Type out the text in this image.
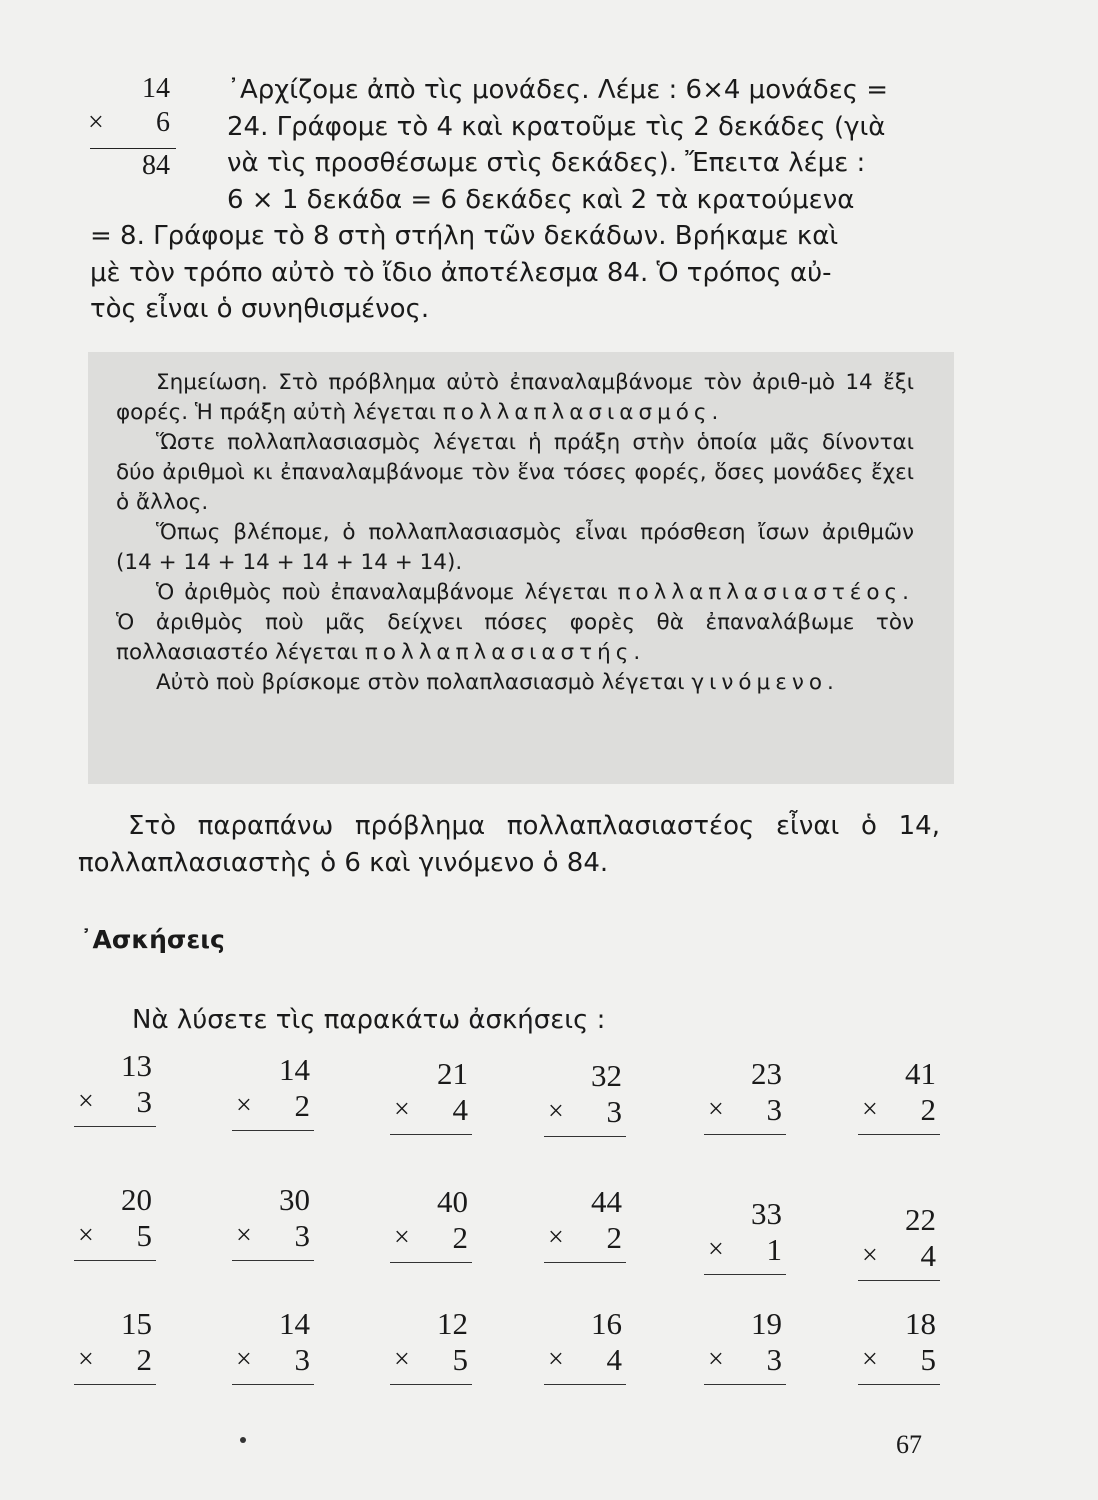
14
× 6
84

᾿Αρχίζομε ἀπὸ τὶς μονάδες. Λέμε : 6×4 μονάδες =

24. Γράφομε τὸ 4 καὶ κρατοῦμε τὶς 2 δεκάδες (γιὰ

νὰ τὶς προσθέσωμε στὶς δεκάδες). Ἔπειτα λέμε :

6 × 1 δεκάδα = 6 δεκάδες καὶ 2 τὰ κρατούμενα

= 8. Γράφομε τὸ 8 στὴ στήλη τῶν δεκάδων. Βρήκαμε καὶ

μὲ τὸν τρόπο αὐτὸ τὸ ἴδιο ἀποτέλεσμα 84. Ὁ τρόπος αὐ-

τὸς εἶναι ὁ συνηθισμένος.

Σημείωση. Στὸ πρόβλημα αὐτὸ ἐπαναλαμβάνομε τὸν ἀριθ-μὸ 14 ἔξι φορές. Ἡ πράξη αὐτὴ λέγεται πολλαπλασιασμός.

Ὥστε πολλαπλασιασμὸς λέγεται ἡ πράξη στὴν ὁποία μᾶς δίνονται δύο ἀριθμοὶ κι ἐπαναλαμβάνομε τὸν ἕνα τόσες φορές, ὅσες μονάδες ἔχει ὁ ἄλλος.

Ὅπως βλέπομε, ὁ πολλαπλασιασμὸς εἶναι πρόσθεση ἴσων ἀριθμῶν (14 + 14 + 14 + 14 + 14 + 14).

Ὁ ἀριθμὸς ποὺ ἐπαναλαμβάνομε λέγεται πολλαπλασιαστέος. Ὁ ἀριθμὸς ποὺ μᾶς δείχνει πόσες φορὲς θὰ ἐπαναλάβωμε τὸν πολλασιαστέο λέγεται πολλαπλασιαστής.

Αὐτὸ ποὺ βρίσκομε στὸν πολαπλασιασμὸ λέγεται γινόμενο.

Στὸ παραπάνω πρόβλημα πολλαπλασιαστέος εἶναι ὁ 14, πολλαπλασιαστὴς ὁ 6 καὶ γινόμενο ὁ 84.

᾿Ασκήσεις
Νὰ λύσετε τὶς παρακάτω ἀσκήσεις :
13
× 3
14
× 2
21
× 4
32
× 3
23
× 3
41
× 2
20
× 5
30
× 3
40
× 2
44
× 2
33
× 1
22
× 4
15
× 2
14
× 3
12
× 5
16
× 4
19
× 3
18
× 5
67
